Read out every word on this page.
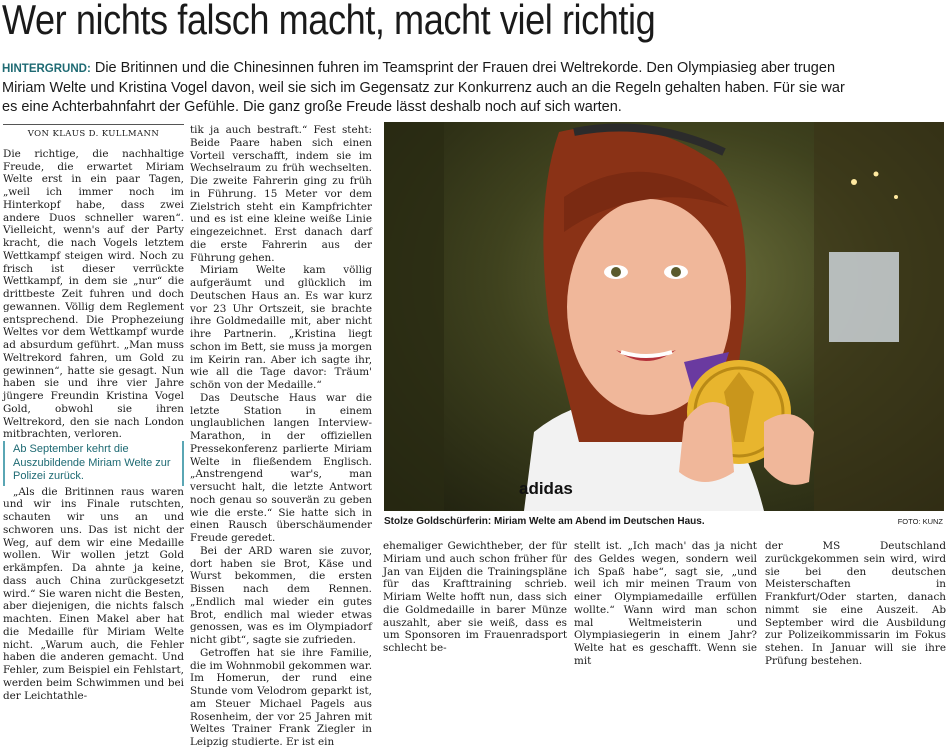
Wer nichts falsch macht, macht viel richtig

HINTERGRUND: Die Britinnen und die Chinesinnen fuhren im Teamsprint der Frauen drei Weltrekorde. Den Olympiasieg aber trugen Miriam Welte und Kristina Vogel davon, weil sie sich im Gegensatz zur Konkurrenz auch an die Regeln gehalten haben. Für sie war es eine Achterbahnfahrt der Gefühle. Die ganz große Freude lässt deshalb noch auf sich warten.

VON KLAUS D. KULLMANN

Die richtige, die nachhaltige Freude, die erwartet Miriam Welte erst in ein paar Tagen, „weil ich immer noch im Hinterkopf habe, dass zwei andere Duos schneller waren“. Vielleicht, wenn's auf der Party kracht, die nach Vogels letztem Wettkampf steigen wird. Noch zu frisch ist dieser verrückte Wettkampf, in dem sie „nur“ die drittbeste Zeit fuhren und doch gewannen. Völlig dem Reglement entsprechend. Die Prophezeiung Weltes vor dem Wettkampf wurde ad absurdum geführt. „Man muss Weltrekord fahren, um Gold zu gewinnen“, hatte sie gesagt. Nun haben sie und ihre vier Jahre jüngere Freundin Kristina Vogel Gold, obwohl sie ihren Weltrekord, den sie nach London mitbrachten, verloren.

Ab September kehrt die Auszubildende Miriam Welte zur Polizei zurück.

„Als die Britinnen raus waren und wir ins Finale rutschten, schauten wir uns an und schworen uns. Das ist nicht der Weg, auf dem wir eine Medaille wollen. Wir wollen jetzt Gold erkämpfen. Da ahnte ja keine, dass auch China zurückgesetzt wird.“ Sie waren nicht die Besten, aber diejenigen, die nichts falsch machten. Einen Makel aber hat die Medaille für Miriam Welte nicht. „Warum auch, die Fehler haben die anderen gemacht. Und Fehler, zum Beispiel ein Fehlstart, werden beim Schwimmen und bei der Leichtathle-

tik ja auch bestraft.“ Fest steht: Beide Paare haben sich einen Vorteil verschafft, indem sie im Wechselraum zu früh wechselten. Die zweite Fahrerin ging zu früh in Führung. 15 Meter vor dem Zielstrich steht ein Kampfrichter und es ist eine kleine weiße Linie eingezeichnet. Erst danach darf die erste Fahrerin aus der Führung gehen.

Miriam Welte kam völlig aufgeräumt und glücklich im Deutschen Haus an. Es war kurz vor 23 Uhr Ortszeit, sie brachte ihre Goldmedaille mit, aber nicht ihre Partnerin. „Kristina liegt schon im Bett, sie muss ja morgen im Keirin ran. Aber ich sagte ihr, wie all die Tage davor: Träum' schön von der Medaille.“

Das Deutsche Haus war die letzte Station in einem unglaublichen langen Interview-Marathon, in der offiziellen Pressekonferenz parlierte Miriam Welte in fließendem Englisch. „Anstrengend war's, man versucht halt, die letzte Antwort noch genau so souverän zu geben wie die erste.“ Sie hatte sich in einen Rausch überschäumender Freude geredet.

Bei der ARD waren sie zuvor, dort haben sie Brot, Käse und Wurst bekommen, die ersten Bissen nach dem Rennen. „Endlich mal wieder ein gutes Brot, endlich mal wieder etwas genossen, was es im Olympiadorf nicht gibt“, sagte sie zufrieden.

Getroffen hat sie ihre Familie, die im Wohnmobil gekommen war. Im Homerun, der rund eine Stunde vom Velodrom geparkt ist, am Steuer Michael Pagels aus Rosenheim, der vor 25 Jahren mit Weltes Trainer Frank Ziegler in Leipzig studierte. Er ist ein

adidas

Stolze Goldschürferin: Miriam Welte am Abend im Deutschen Haus.	FOTO: KUNZ

ehemaliger Gewichtheber, der für Miriam und auch schon früher für Jan van Eijden die Trainingspläne für das Krafttraining schrieb. Miriam Welte hofft nun, dass sich die Goldmedaille in barer Münze auszahlt, aber sie weiß, dass es um Sponsoren im Frauenradsport schlecht be-

stellt ist. „Ich mach' das ja nicht des Geldes wegen, sondern weil ich Spaß habe“, sagt sie, „und weil ich mir meinen Traum von einer Olympiamedaille erfüllen wollte.“ Wann wird man schon mal Weltmeisterin und Olympiasiegerin in einem Jahr? Welte hat es geschafft. Wenn sie mit

der MS Deutschland zurückgekommen sein wird, wird sie bei den deutschen Meisterschaften in Frankfurt/Oder starten, danach nimmt sie eine Auszeit. Ab September wird die Ausbildung zur Polizeikommissarin im Fokus stehen. In Januar will sie ihre Prüfung bestehen.
